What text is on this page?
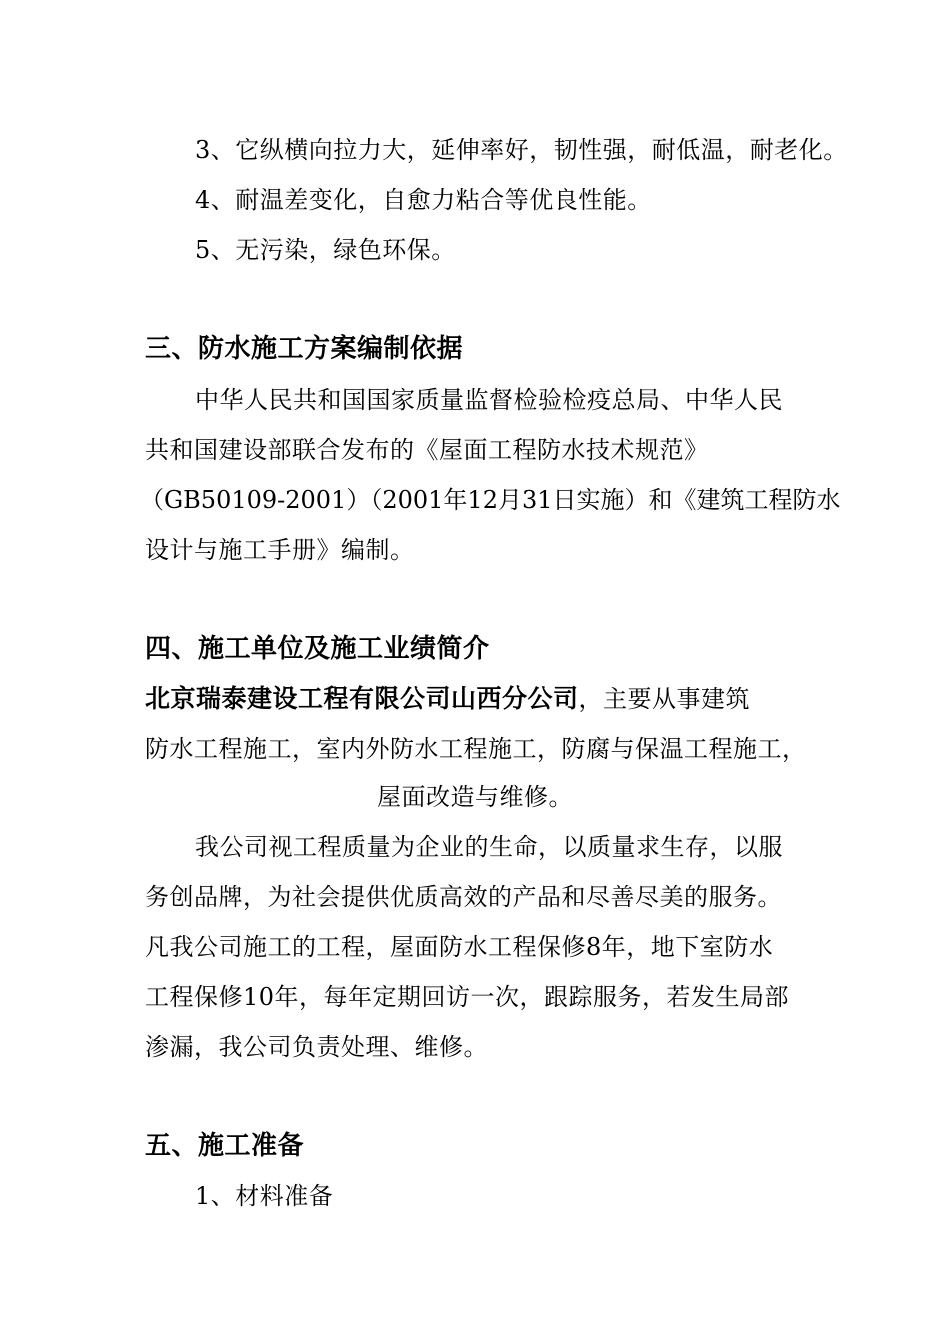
3、它纵横向拉力大，延伸率好，韧性强，耐低温，耐老化。
4、耐温差变化，自愈力粘合等优良性能。
5、无污染，绿色环保。
三、防水施工方案编制依据
中华人民共和国国家质量监督检验检疫总局、中华人民
共和国建设部联合发布的《屋面工程防水技术规范》
（GB50109-2001）（2001年12月31日实施）和《建筑工程防水
设计与施工手册》编制。
四、施工单位及施工业绩简介
北京瑞泰建设工程有限公司山西分公司，主要从事建筑
防水工程施工，室内外防水工程施工，防腐与保温工程施工，
屋面改造与维修。
我公司视工程质量为企业的生命，以质量求生存，以服
务创品牌，为社会提供优质高效的产品和尽善尽美的服务。
凡我公司施工的工程，屋面防水工程保修8年，地下室防水
工程保修10年，每年定期回访一次，跟踪服务，若发生局部
渗漏，我公司负责处理、维修。
五、施工准备
1、材料准备
